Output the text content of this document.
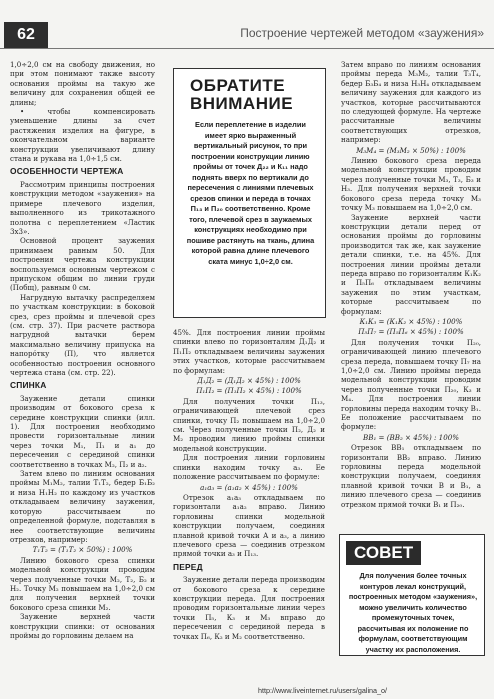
62	Построение чертежей методом «заужения»

1,0÷2,0 см на свободу движения, но при этом понимают также высоту основания проймы на такую же величину для сохранения общей ее длины;

• чтобы компенсировать уменьшение длины за счет растяжения изделия на фигуре, в окончательном варианте конструкции увеличивают длину стана и рукава на 1,0÷1,5 см.

ОСОБЕННОСТИ ЧЕРТЕЖА

Рассмотрим принципы построения конструкции методом «заужения» на примере плечевого изделия, выполненного из трикотажного полотна с переплетением «Ластик 3х3».

Основной процент заужения принимаем равным 50. Для построения чертежа конструкции воспользуемся основным чертежом с припуском общим по линии груди (Побщ), равным 0 см.

Нагрудную вытачку распределяем по участкам конструкции: в боковой срез, срез проймы и плечевой срез (см. стр. 37). При расчете раствора нагрудной вытачки берем максимально величину припуска на напорóтку (П), что является особенностью построения основного чертежа стана (см. стр. 22).

СПИНКА

Заужение детали спинки производим от бокового среза к середине конструкции спинки (илл. 1). Для построения необходимо провести горизонтальные линии через точки M₁, П₁ и a₁ до пересечения с серединой спинки соответственно в точках M₂, П₂ и a₂.

Затем влево по линиям основания проймы M₁M₂, талии T₁T₂, бедер Б₁Б₂ и низа H₁H₂ по каждому из участков откладываем величину заужения, которую рассчитываем по определенной формуле, подставляя в нее соответствующие величины отрезков, например:

T₁T₂ = (T₁T₂ × 50%) : 100%

Линию бокового среза спинки модельной конструкции проводим через полученные точки M₂, T₂, Б₂ и H₂. Точку M₂ повышаем на 1,0÷2,0 см для получения верхней точки бокового среза спинки M₂.

Заужение верхней части конструкции спинки: от основания проймы до горловины делаем на

ОБРАТИТЕ
ВНИМАНИЕ
Если переплетение в изделии имеет ярко выраженный вертикальный рисунок, то при построении конструкции линию проймы от точек Д₂₂ и К₁₁ надо поднять вверх по вертикали до пересечения с линиями плечевых срезов спинки и переда в точках П₁₃ и П₂₀ соответственно. Кроме того, плечевой срез в заужаемых конструкциях необходимо при пошиве растянуть на ткань, длина которой равна длине плечевого ската минус 1,0÷2,0 см.

45%. Для построения линии проймы спинки влево по горизонталям Д₁Д₂ и П₁П₂ откладываем величины заужения этих участков, которые рассчитываем по формулам:

Д₁Д₂ = (Д₁Д₂ × 45%) : 100%

П₁П₂ = (П₁П₂ × 45%) : 100%

Для получения точки П₁₃, ограничивающей плечевой срез спинки, точку П₂ повышаем на 1,0÷2,0 см. Через полученные точки П₂, Д₂ и M₂ проводим линию проймы спинки модельной конструкции.

Для построения линии горловины спинки находим точку a₃. Ее положение рассчитываем по формуле:

a₁a₃ = (a₁a₂ × 45%) : 100%

Отрезок a₁a₃ откладываем по горизонтали a₁a₂ вправо. Линию горловины спинки модельной конструкции получаем, соединяя плавной кривой точки A и a₃, а линию плечевого среза — соединив отрезком прямой точки a₃ и П₁₃.

ПЕРЕД

Заужение детали переда производим от бокового среза к середине конструкции переда. Для построения проводим горизонтальные линии через точки П₅, К₃ и M₃ вправо до пересечения с серединой переда в точках П₆, К₂ и M₂ соответственно.

Затем вправо по линиям основания проймы переда M₃M₂, талии T₃T₄, бедер Б₃Б₄ и низа H₃H₄ откладываем величину заужения для каждого из участков, которые рассчитываются по следующей формуле. На чертеже рассчитанные величины соответствующих отрезков, например:

M₃M₄ = (M₃M₂ × 50%) : 100%

Линию бокового среза переда модельной конструкции проводим через полученные точки M₃, T₃, Б₃ и H₃. Для получения верхней точки бокового среза переда точку M₃ точку M₃ повышаем на 1,0÷2,0 см.

Заужение верхней части конструкции детали перед от основания проймы до горловины производится так же, как заужение детали спинки, т.е. на 45%. Для построения линии проймы детали переда вправо по горизонталям К₁К₂ и П₅П₆ откладываем величины заужения по этим участкам, которые рассчитываем по формулам:

К₁К₃ = (К₁К₂ × 45%) : 100%

П₅П₇ = (П₅П₆ × 45%) : 100%

Для получения точки П₂₀, ограничивающей линию плечевого среза переда, повышаем точку П₇ на 1,0÷2,0 см. Линию проймы переда модельной конструкции проводим через полученные точки П₂₀, К₃ и M₄. Для построения линии горловины переда находим точку B₁. Ее положение рассчитываем по формуле:

BB₁ = (BB₂ × 45%) : 100%

Отрезок BB₁ откладываем по горизонтали BB₂ вправо. Линию горловины переда модельной конструкции получаем, соединяя плавной кривой точки B и B₁, а линию плечевого среза — соединив отрезком прямой точки B₁ и П₂₀.

СОВЕТ
Для получения более точных контуров лекал конструкций, построенных методом «заужения», можно увеличить количество промежуточных точек, рассчитывая их положение по формулам, соответствующим участку их расположения.
http://www.liveinternet.ru/users/galina_o/
